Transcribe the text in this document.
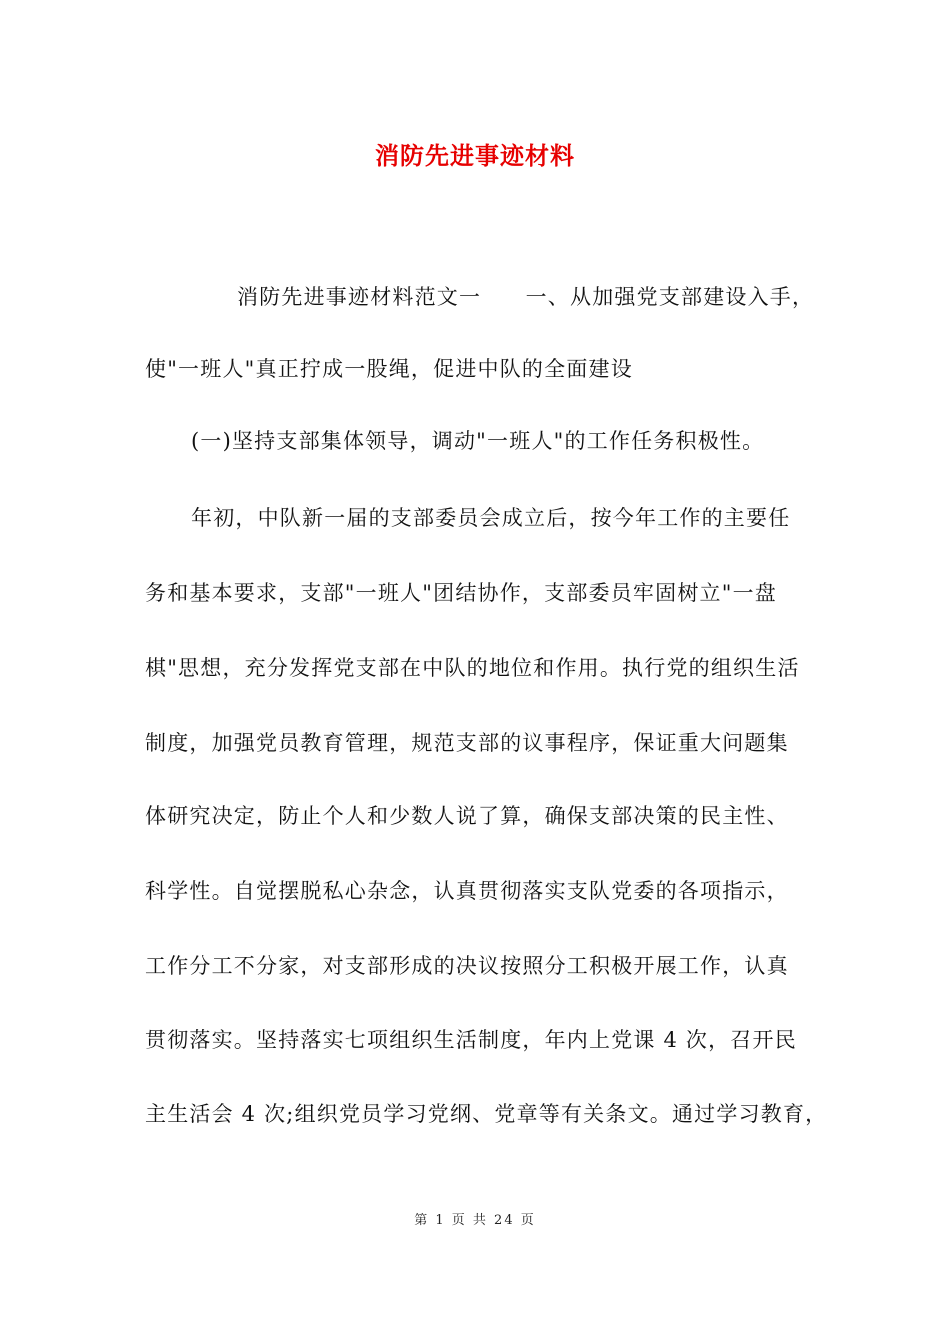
消防先进事迹材料
消防先进事迹材料范文一　　一、从加强党支部建设入手，
使"一班人"真正拧成一股绳，促进中队的全面建设
(一)坚持支部集体领导，调动"一班人"的工作任务积极性。
年初，中队新一届的支部委员会成立后，按今年工作的主要任
务和基本要求，支部"一班人"团结协作，支部委员牢固树立"一盘
棋"思想，充分发挥党支部在中队的地位和作用。执行党的组织生活
制度，加强党员教育管理，规范支部的议事程序，保证重大问题集
体研究决定，防止个人和少数人说了算，确保支部决策的民主性、
科学性。自觉摆脱私心杂念，认真贯彻落实支队党委的各项指示，
工作分工不分家，对支部形成的决议按照分工积极开展工作，认真
贯彻落实。坚持落实七项组织生活制度，年内上党课 4 次，召开民
主生活会 4 次;组织党员学习党纲、党章等有关条文。通过学习教育，
第 1 页 共 24 页
